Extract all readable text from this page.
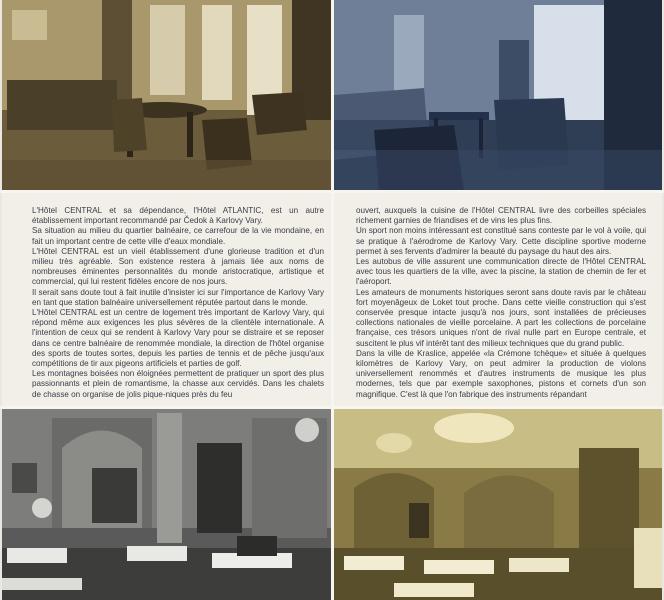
L'Hôtel CENTRAL et sa dépendance, l'Hôtel ATLANTIC, est un autre établissement important recommandé par Čedok à Karlovy Vary.

Sa situation au milieu du quartier balnéaire, ce carrefour de la vie mondaine, en fait un important centre de cette ville d'eaux mondiale.

L'Hôtel CENTRAL est un vieil établissement d'une glorieuse tradition et d'un milieu très agréable. Son existence restera à jamais liée aux noms de nombreuses éminentes personnalités du monde aristocratique, artistique et commercial, qui lui restent fidèles encore de nos jours.

Il serait sans doute tout à fait inutile d'insister ici sur l'importance de Karlovy Vary en tant que station balnéaire universellement réputée partout dans le monde.

L'Hôtel CENTRAL est un centre de logement très important de Karlovy Vary, qui répond même aux exigences les plus sévères de la clientèle internationale. A l'intention de ceux qui se rendent à Karlovy Vary pour se distraire et se reposer dans ce centre balnéaire de renommée mondiale, la direction de l'hôtel organise des sports de toutes sortes, depuis les parties de tennis et de pêche jusqu'aux compétitions de tir aux pigeons artificiels et parties de golf.

Les montagnes boisées non éloignées permettent de pratiquer un sport des plus passionnants et plein de romantisme, la chasse aux cervidés. Dans les chalets de chasse on organise de jolis pique-niques près du feu

ouvert, auxquels la cuisine de l'Hôtel CENTRAL livre des corbeilles spéciales richement garnies de friandises et de vins les plus fins.

Un sport non moins intéressant est constitué sans conteste par le vol à voile, qui se pratique à l'aérodrome de Karlovy Vary. Cette discipline sportive moderne permet à ses fervents d'admirer la beauté du paysage du haut des airs.

Les autobus de ville assurent une communication directe de l'Hôtel CENTRAL avec tous les quartiers de la ville, avec la piscine, la station de chemin de fer et l'aéroport.

Les amateurs de monuments historiques seront sans doute ravis par le château fort moyenâgeux de Loket tout proche. Dans cette vieille construction qui s'est conservée presque intacte jusqu'à nos jours, sont installées de précieuses collections nationales de vieille porcelaine. A part les collections de porcelaine française, ces trésors uniques n'ont de rival nulle part en Europe centrale, et suscitent le plus vif intérêt tant des milieux techniques que du grand public.

Dans la ville de Kraslice, appelée «la Crémone tchèque» et située à quelques kilomètres de Karlovy Vary, on peut admirer la production de violons universellement renommés et d'autres instruments de musique les plus modernes, tels que par exemple saxophones, pistons et cornets d'un son magnifique. C'est là que l'on fabrique des instruments répandant
